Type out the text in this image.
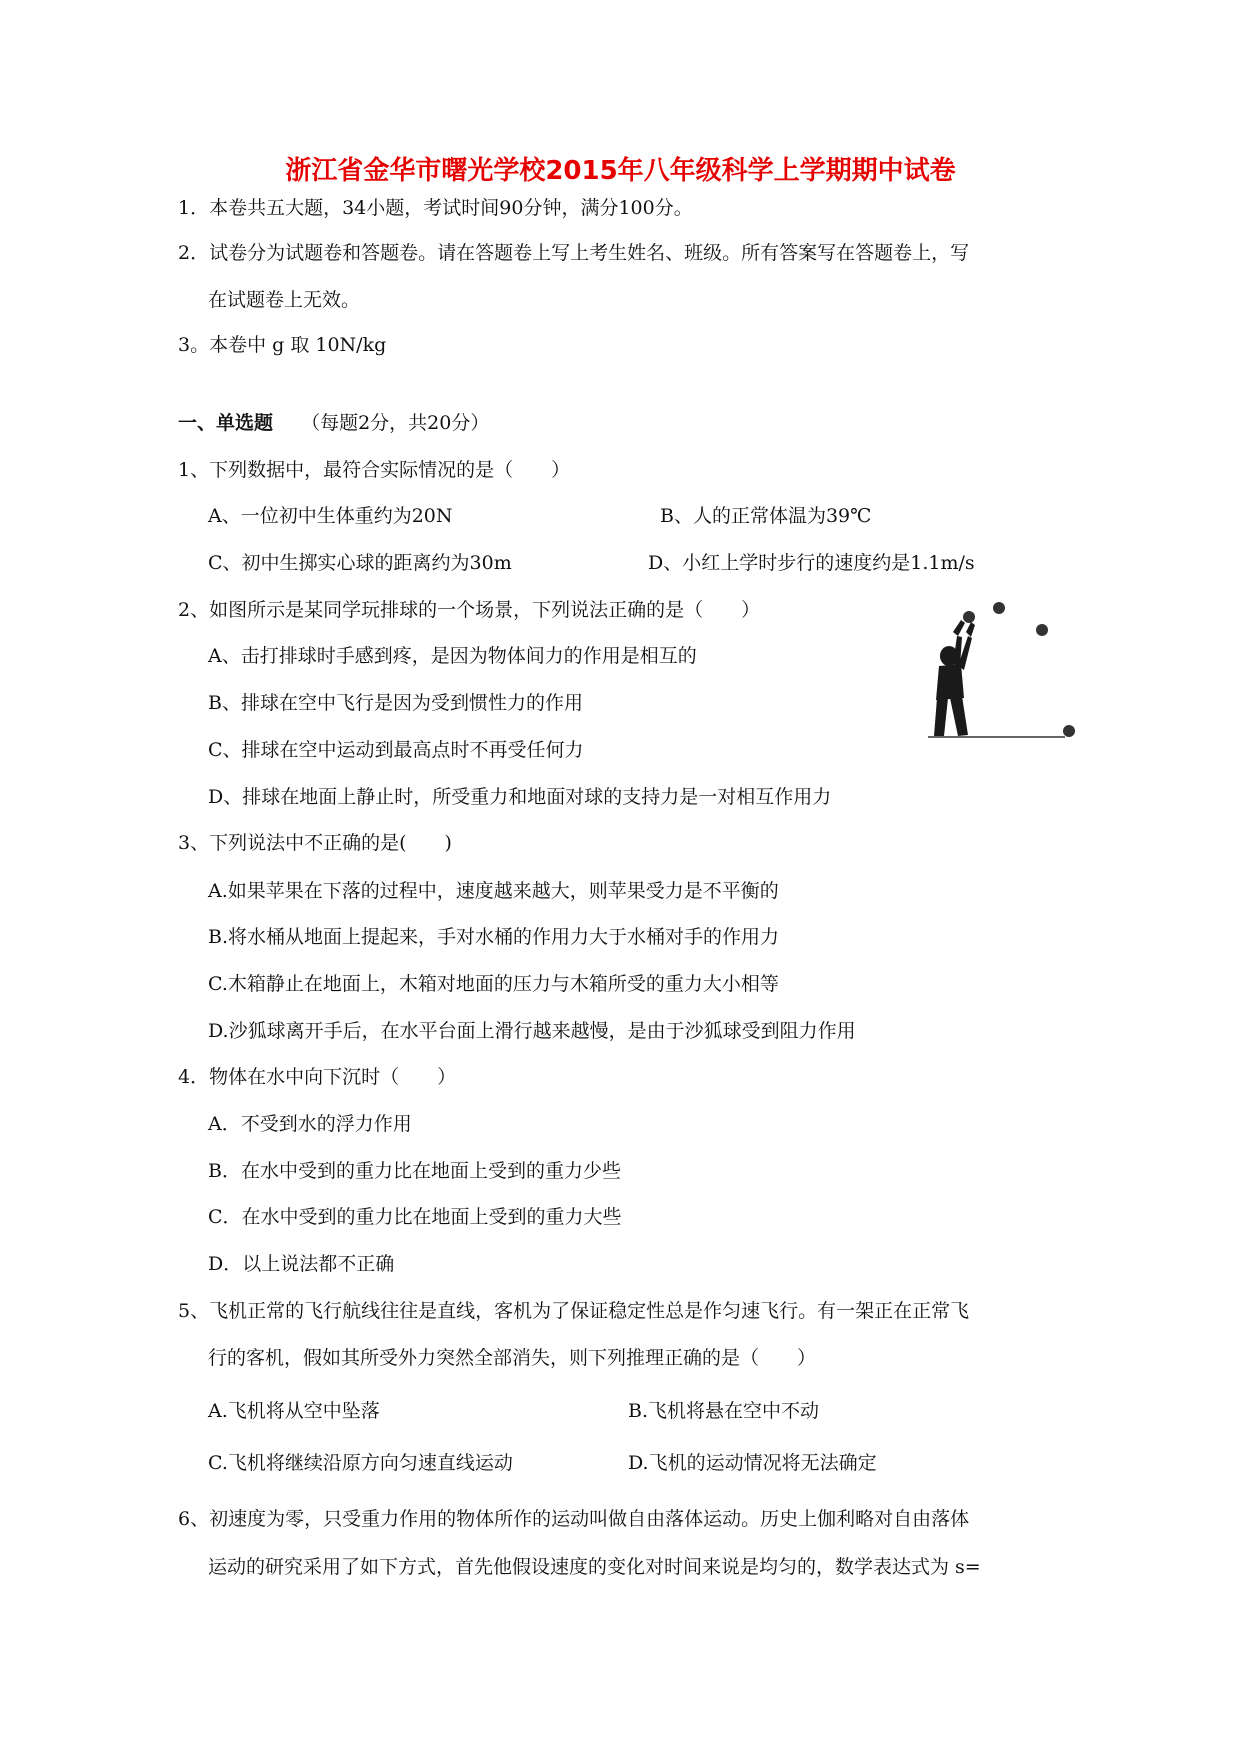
浙江省金华市曙光学校2015年八年级科学上学期期中试卷
1．本卷共五大题，34小题，考试时间90分钟，满分100分。
2．试卷分为试题卷和答题卷。请在答题卷上写上考生姓名、班级。所有答案写在答题卷上，写
在试题卷上无效。
3。本卷中 g 取 10N/kg
一、单选题 （每题2分，共20分）
1、下列数据中，最符合实际情况的是（　　）
A、一位初中生体重约为20N	B、人的正常体温为39℃
C、初中生掷实心球的距离约为30m	D、小红上学时步行的速度约是1.1m/s
2、如图所示是某同学玩排球的一个场景，下列说法正确的是（　　）
A、击打排球时手感到疼，是因为物体间力的作用是相互的
B、排球在空中飞行是因为受到惯性力的作用
C、排球在空中运动到最高点时不再受任何力
D、排球在地面上静止时，所受重力和地面对球的支持力是一对相互作用力
3、下列说法中不正确的是(　　)
A.如果苹果在下落的过程中，速度越来越大，则苹果受力是不平衡的
B.将水桶从地面上提起来，手对水桶的作用力大于水桶对手的作用力
C.木箱静止在地面上，木箱对地面的压力与木箱所受的重力大小相等
D.沙狐球离开手后，在水平台面上滑行越来越慢，是由于沙狐球受到阻力作用
4．物体在水中向下沉时（　　）
A．不受到水的浮力作用
B．在水中受到的重力比在地面上受到的重力少些
C．在水中受到的重力比在地面上受到的重力大些
D．以上说法都不正确
5、飞机正常的飞行航线往往是直线，客机为了保证稳定性总是作匀速飞行。有一架正在正常飞
行的客机，假如其所受外力突然全部消失，则下列推理正确的是（　　）
A.飞机将从空中坠落	B.飞机将悬在空中不动
C.飞机将继续沿原方向匀速直线运动	D.飞机的运动情况将无法确定
6、初速度为零，只受重力作用的物体所作的运动叫做自由落体运动。历史上伽利略对自由落体
运动的研究采用了如下方式，首先他假设速度的变化对时间来说是均匀的，数学表达式为 s=
